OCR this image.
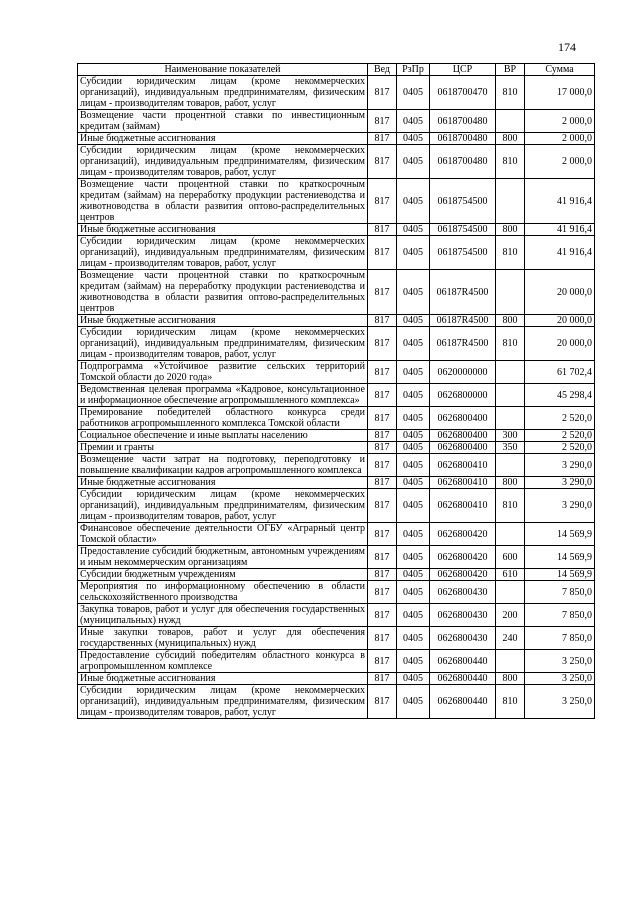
174
Наименование показателей	Вед	РзПр	ЦСР	ВР	Сумма
Субсидии юридическим лицам (кроме некоммерческих организаций), индивидуальным предпринимателям, физическим лицам - производителям товаров, работ, услуг	817	0405	0618700470	810	17 000,0
Возмещение части процентной ставки по инвестиционным кредитам (займам)	817	0405	0618700480		2 000,0
Иные бюджетные ассигнования	817	0405	0618700480	800	2 000,0
Субсидии юридическим лицам (кроме некоммерческих организаций), индивидуальным предпринимателям, физическим лицам - производителям товаров, работ, услуг	817	0405	0618700480	810	2 000,0
Возмещение части процентной ставки по краткосрочным кредитам (займам) на переработку продукции растениеводства и животноводства в области развития оптово-распределительных центров	817	0405	0618754500		41 916,4
Иные бюджетные ассигнования	817	0405	0618754500	800	41 916,4
Субсидии юридическим лицам (кроме некоммерческих организаций), индивидуальным предпринимателям, физическим лицам - производителям товаров, работ, услуг	817	0405	0618754500	810	41 916,4
Возмещение части процентной ставки по краткосрочным кредитам (займам) на переработку продукции растениеводства и животноводства в области развития оптово-распределительных центров	817	0405	06187R4500		20 000,0
Иные бюджетные ассигнования	817	0405	06187R4500	800	20 000,0
Субсидии юридическим лицам (кроме некоммерческих организаций), индивидуальным предпринимателям, физическим лицам - производителям товаров, работ, услуг	817	0405	06187R4500	810	20 000,0
Подпрограмма «Устойчивое развитие сельских территорий Томской области до 2020 года»	817	0405	0620000000		61 702,4
Ведомственная целевая программа «Кадровое, консультационное и информационное обеспечение агропромышленного комплекса»	817	0405	0626800000		45 298,4
Премирование победителей областного конкурса среди работников агропромышленного комплекса Томской области	817	0405	0626800400		2 520,0
Социальное обеспечение и иные выплаты населению	817	0405	0626800400	300	2 520,0
Премии и гранты	817	0405	0626800400	350	2 520,0
Возмещение части затрат на подготовку, переподготовку и повышение квалификации кадров агропромышленного комплекса	817	0405	0626800410		3 290,0
Иные бюджетные ассигнования	817	0405	0626800410	800	3 290,0
Субсидии юридическим лицам (кроме некоммерческих организаций), индивидуальным предпринимателям, физическим лицам - производителям товаров, работ, услуг	817	0405	0626800410	810	3 290,0
Финансовое обеспечение деятельности ОГБУ «Аграрный центр Томской области»	817	0405	0626800420		14 569,9
Предоставление субсидий бюджетным, автономным учреждениям и иным некоммерческим организациям	817	0405	0626800420	600	14 569,9
Субсидии бюджетным учреждениям	817	0405	0626800420	610	14 569,9
Мероприятия по информационному обеспечению в области сельскохозяйственного производства	817	0405	0626800430		7 850,0
Закупка товаров, работ и услуг для обеспечения государственных (муниципальных) нужд	817	0405	0626800430	200	7 850,0
Иные закупки товаров, работ и услуг для обеспечения государственных (муниципальных) нужд	817	0405	0626800430	240	7 850,0
Предоставление субсидий победителям областного конкурса в агропромышленном комплексе	817	0405	0626800440		3 250,0
Иные бюджетные ассигнования	817	0405	0626800440	800	3 250,0
Субсидии юридическим лицам (кроме некоммерческих организаций), индивидуальным предпринимателям, физическим лицам - производителям товаров, работ, услуг	817	0405	0626800440	810	3 250,0
